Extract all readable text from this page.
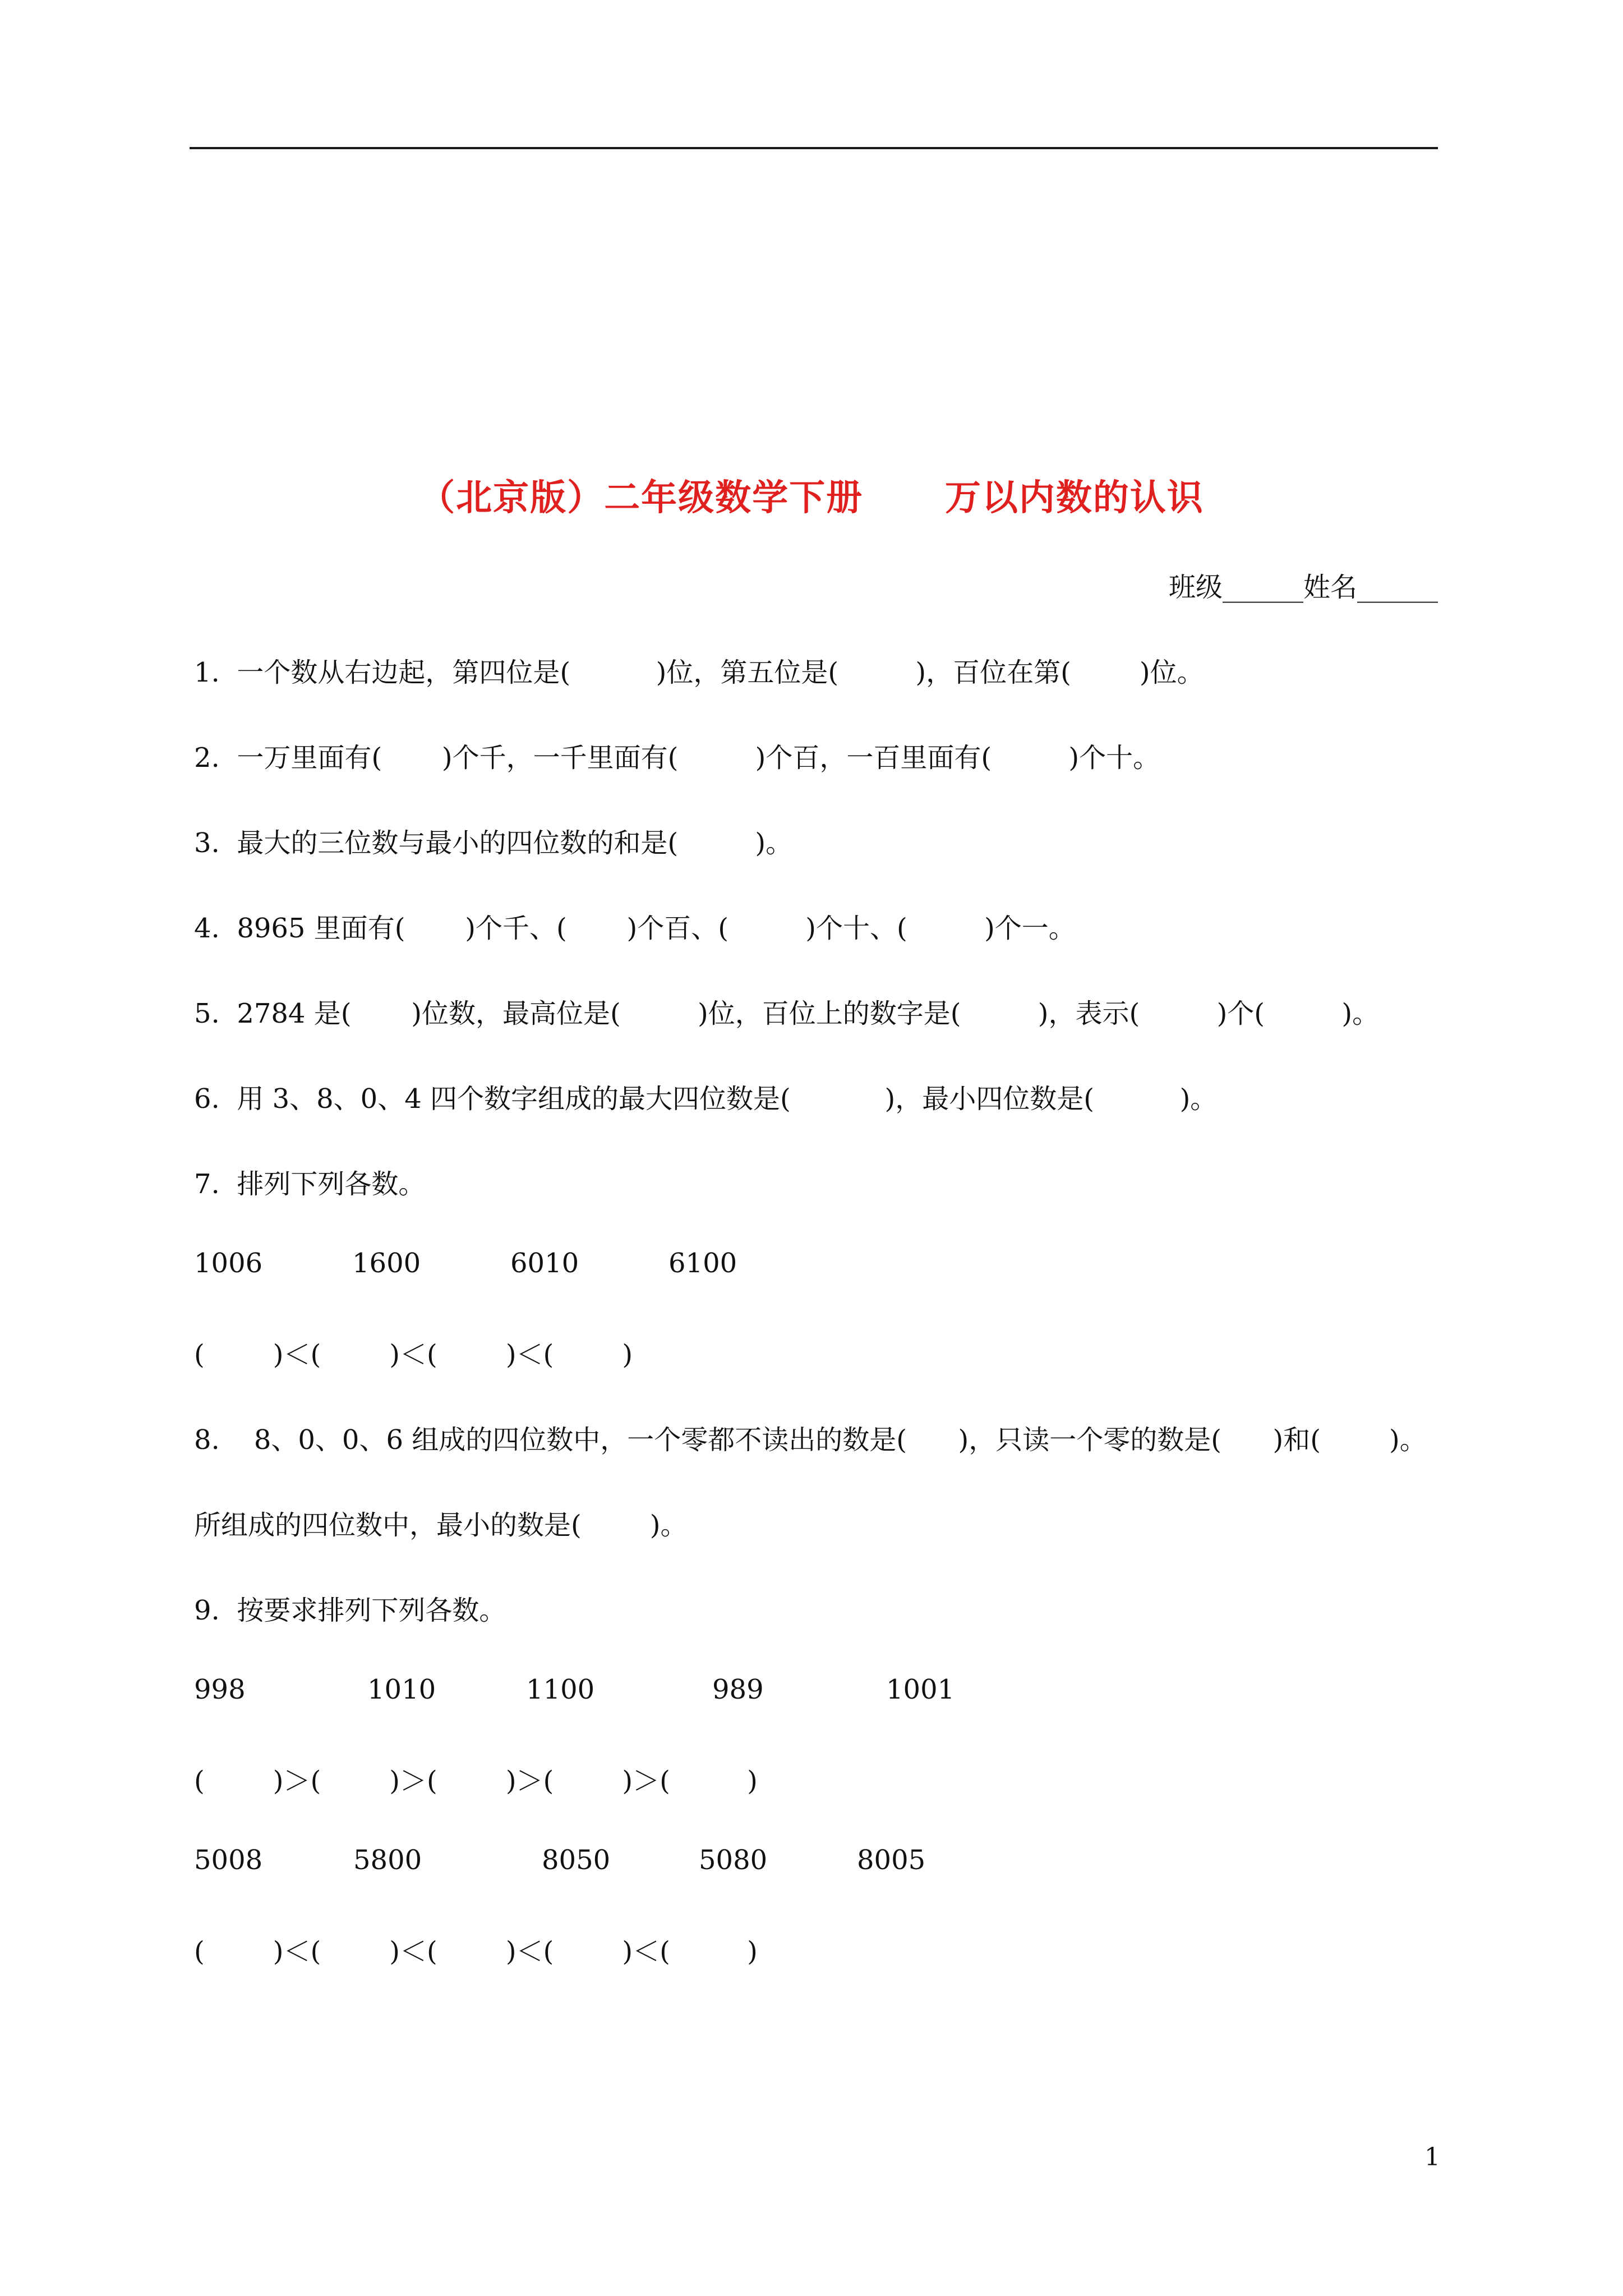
（北京版）二年级数学下册      万以内数的认识
班级______姓名______
1.  一个数从右边起，第四位是(          )位，第五位是(         )，百位在第(        )位。
2.  一万里面有(       )个千，一千里面有(         )个百，一百里面有(         )个十。
3.  最大的三位数与最小的四位数的和是(         )。
4.  8965 里面有(       )个千、(       )个百、(         )个十、(         )个一。
5.  2784 是(       )位数，最高位是(         )位，百位上的数字是(         )，表示(         )个(         )。
6.  用 3、8、0、4 四个数字组成的最大四位数是(           )，最小四位数是(          )。
7.  排列下列各数。
1006	1600	6010	6100
(        )＜(        )＜(        )＜(        )
8.    8、0、0、6 组成的四位数中，一个零都不读出的数是(      )，只读一个零的数是(      )和(        )。
所组成的四位数中，最小的数是(        )。
9.  按要求排列下列各数。
998	1010	1100	989	1001
(        )＞(        )＞(        )＞(        )＞(         )
5008	5800	8050	5080	8005
(        )＜(        )＜(        )＜(        )＜(         )
1
